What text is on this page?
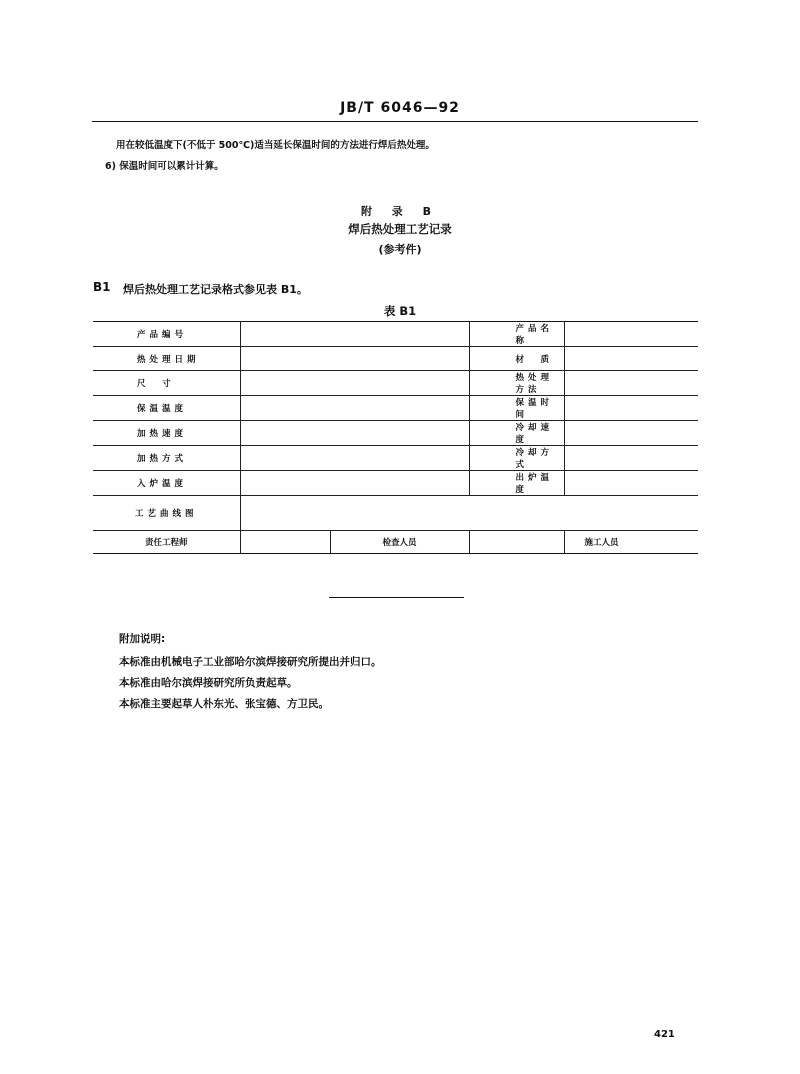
JB/T 6046—92
用在较低温度下(不低于 500℃)适当延长保温时间的方法进行焊后热处理。
6) 保温时间可以累计计算。
附 录 B
焊后热处理工艺记录
(参考件)
B1 焊后热处理工艺记录格式参见表 B1。
表 B1
产品编号			产品名称	
热处理日期			材　质	
尺　寸			热处理方法	
保温温度			保温时间	
加热速度			冷却速度	
加热方式			冷却方式	
入炉温度			出炉温度	
工艺曲线图				
责任工程师		检查人员		施工人员
附加说明:
本标准由机械电子工业部哈尔滨焊接研究所提出并归口。
本标准由哈尔滨焊接研究所负责起草。
本标准主要起草人朴东光、张宝德、方卫民。
421
